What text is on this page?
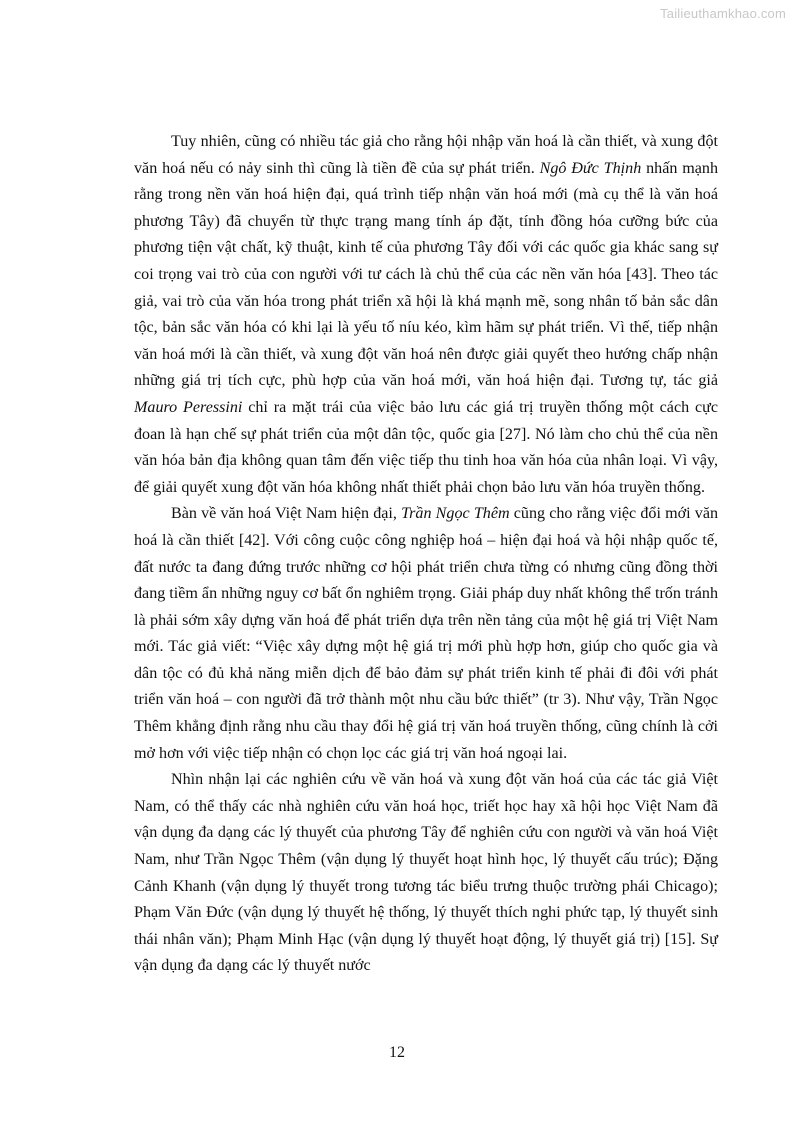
Tailieuthamkhao.com

Tuy nhiên, cũng có nhiều tác giả cho rằng hội nhập văn hoá là cần thiết, và xung đột văn hoá nếu có nảy sinh thì cũng là tiền đề của sự phát triển. Ngô Đức Thịnh nhấn mạnh rằng trong nền văn hoá hiện đại, quá trình tiếp nhận văn hoá mới (mà cụ thể là văn hoá phương Tây) đã chuyển từ thực trạng mang tính áp đặt, tính đồng hóa cưỡng bức của phương tiện vật chất, kỹ thuật, kinh tế của phương Tây đối với các quốc gia khác sang sự coi trọng vai trò của con người với tư cách là chủ thể của các nền văn hóa [43]. Theo tác giả, vai trò của văn hóa trong phát triển xã hội là khá mạnh mẽ, song nhân tố bản sắc dân tộc, bản sắc văn hóa có khi lại là yếu tố níu kéo, kìm hãm sự phát triển. Vì thế, tiếp nhận văn hoá mới là cần thiết, và xung đột văn hoá nên được giải quyết theo hướng chấp nhận những giá trị tích cực, phù hợp của văn hoá mới, văn hoá hiện đại. Tương tự, tác giả Mauro Peressini chỉ ra mặt trái của việc bảo lưu các giá trị truyền thống một cách cực đoan là hạn chế sự phát triển của một dân tộc, quốc gia [27]. Nó làm cho chủ thể của nền văn hóa bản địa không quan tâm đến việc tiếp thu tinh hoa văn hóa của nhân loại. Vì vậy, để giải quyết xung đột văn hóa không nhất thiết phải chọn bảo lưu văn hóa truyền thống.

Bàn về văn hoá Việt Nam hiện đại, Trần Ngọc Thêm cũng cho rằng việc đổi mới văn hoá là cần thiết [42]. Với công cuộc công nghiệp hoá – hiện đại hoá và hội nhập quốc tế, đất nước ta đang đứng trước những cơ hội phát triển chưa từng có nhưng cũng đồng thời đang tiềm ẩn những nguy cơ bất ổn nghiêm trọng. Giải pháp duy nhất không thể trốn tránh là phải sớm xây dựng văn hoá để phát triển dựa trên nền tảng của một hệ giá trị Việt Nam mới. Tác giả viết: “Việc xây dựng một hệ giá trị mới phù hợp hơn, giúp cho quốc gia và dân tộc có đủ khả năng miễn dịch để bảo đảm sự phát triển kinh tế phải đi đôi với phát triển văn hoá – con người đã trở thành một nhu cầu bức thiết” (tr 3). Như vậy, Trần Ngọc Thêm khẳng định rằng nhu cầu thay đổi hệ giá trị văn hoá truyền thống, cũng chính là cởi mở hơn với việc tiếp nhận có chọn lọc các giá trị văn hoá ngoại lai.

Nhìn nhận lại các nghiên cứu về văn hoá và xung đột văn hoá của các tác giả Việt Nam, có thể thấy các nhà nghiên cứu văn hoá học, triết học hay xã hội học Việt Nam đã vận dụng đa dạng các lý thuyết của phương Tây để nghiên cứu con người và văn hoá Việt Nam, như Trần Ngọc Thêm (vận dụng lý thuyết hoạt hình học, lý thuyết cấu trúc); Đặng Cảnh Khanh (vận dụng lý thuyết trong tương tác biểu trưng thuộc trường phái Chicago); Phạm Văn Đức (vận dụng lý thuyết hệ thống, lý thuyết thích nghi phức tạp, lý thuyết sinh thái nhân văn); Phạm Minh Hạc (vận dụng lý thuyết hoạt động, lý thuyết giá trị) [15]. Sự vận dụng đa dạng các lý thuyết nước

12
